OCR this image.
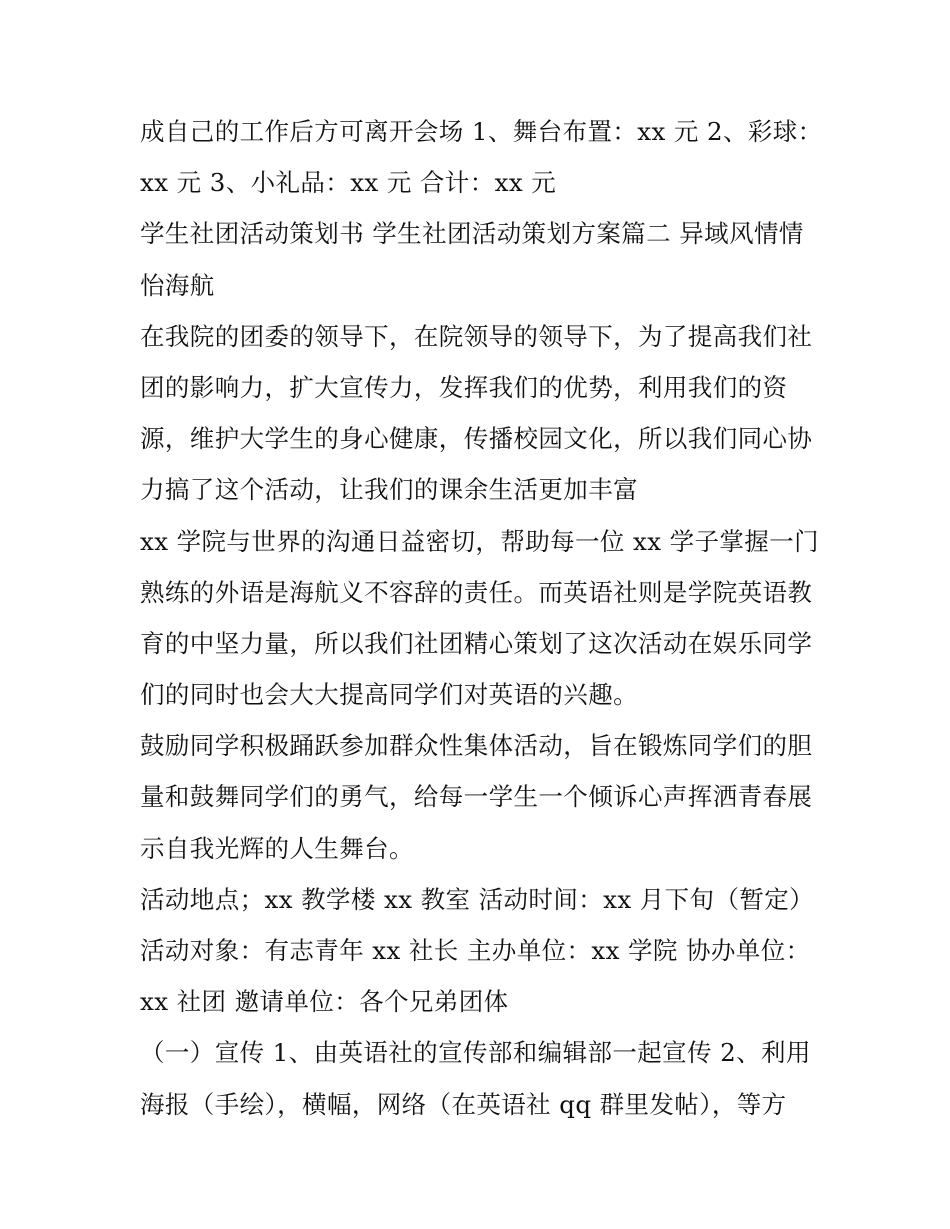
成自己的工作后方可离开会场 1、舞台布置：xx 元 2、彩球：
xx 元 3、小礼品：xx 元 合计：xx 元
学生社团活动策划书 学生社团活动策划方案篇二 异域风情情
怡海航
在我院的团委的领导下，在院领导的领导下，为了提高我们社
团的影响力，扩大宣传力，发挥我们的优势，利用我们的资
源，维护大学生的身心健康，传播校园文化，所以我们同心协
力搞了这个活动，让我们的课余生活更加丰富
xx 学院与世界的沟通日益密切，帮助每一位 xx 学子掌握一门
熟练的外语是海航义不容辞的责任。而英语社则是学院英语教
育的中坚力量，所以我们社团精心策划了这次活动在娱乐同学
们的同时也会大大提高同学们对英语的兴趣。
鼓励同学积极踊跃参加群众性集体活动，旨在锻炼同学们的胆
量和鼓舞同学们的勇气，给每一学生一个倾诉心声挥洒青春展
示自我光辉的人生舞台。
活动地点；xx 教学楼 xx 教室 活动时间：xx 月下旬（暂定）
活动对象：有志青年 xx 社长 主办单位：xx 学院 协办单位：
xx 社团 邀请单位：各个兄弟团体
（一）宣传 1、由英语社的宣传部和编辑部一起宣传 2、利用
海报（手绘），横幅，网络（在英语社 qq 群里发帖），等方
